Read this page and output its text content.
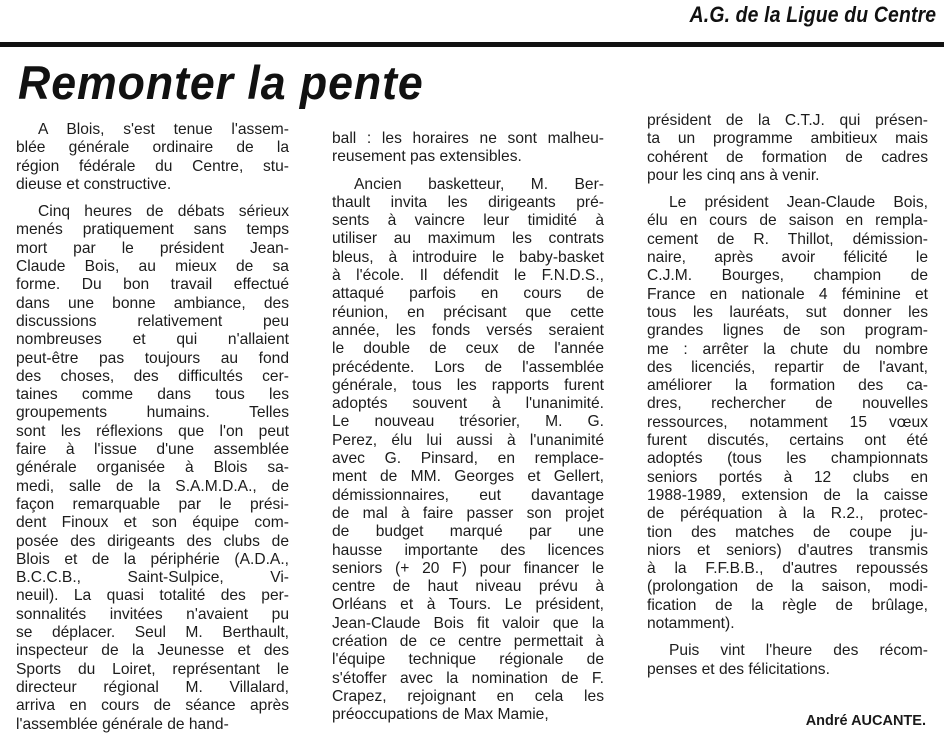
A.G. de la Ligue du Centre
Remonter la pente

A Blois, s'est tenue l'assem-
blée générale ordinaire de la
région fédérale du Centre, stu-
dieuse et constructive.

Cinq heures de débats sérieux
menés pratiquement sans temps
mort par le président Jean-
Claude Bois, au mieux de sa
forme. Du bon travail effectué
dans une bonne ambiance, des
discussions relativement peu
nombreuses et qui n'allaient
peut-être pas toujours au fond
des choses, des difficultés cer-
taines comme dans tous les
groupements humains. Telles
sont les réflexions que l'on peut
faire à l'issue d'une assemblée
générale organisée à Blois sa-
medi, salle de la S.A.M.D.A., de
façon remarquable par le prési-
dent Finoux et son équipe com-
posée des dirigeants des clubs de
Blois et de la périphérie (A.D.A.,
B.C.C.B., Saint-Sulpice, Vi-
neuil). La quasi totalité des per-
sonnalités invitées n'avaient pu
se déplacer. Seul M. Berthault,
inspecteur de la Jeunesse et des
Sports du Loiret, représentant le
directeur régional M. Villalard,
arriva en cours de séance après
l'assemblée générale de hand-

ball : les horaires ne sont malheu-
reusement pas extensibles.

Ancien basketteur, M. Ber-
thault invita les dirigeants pré-
sents à vaincre leur timidité à
utiliser au maximum les contrats
bleus, à introduire le baby-basket
à l'école. Il défendit le F.N.D.S.,
attaqué parfois en cours de
réunion, en précisant que cette
année, les fonds versés seraient
le double de ceux de l'année
précédente. Lors de l'assemblée
générale, tous les rapports furent
adoptés souvent à l'unanimité.
Le nouveau trésorier, M. G.
Perez, élu lui aussi à l'unanimité
avec G. Pinsard, en remplace-
ment de MM. Georges et Gellert,
démissionnaires, eut davantage
de mal à faire passer son projet
de budget marqué par une
hausse importante des licences
seniors (+ 20 F) pour financer le
centre de haut niveau prévu à
Orléans et à Tours. Le président,
Jean-Claude Bois fit valoir que la
création de ce centre permettait à
l'équipe technique régionale de
s'étoffer avec la nomination de F.
Crapez, rejoignant en cela les
préoccupations de Max Mamie,

président de la C.T.J. qui présen-
ta un programme ambitieux mais
cohérent de formation de cadres
pour les cinq ans à venir.

Le président Jean-Claude Bois,
élu en cours de saison en rempla-
cement de R. Thillot, démission-
naire, après avoir félicité le
C.J.M. Bourges, champion de
France en nationale 4 féminine et
tous les lauréats, sut donner les
grandes lignes de son program-
me : arrêter la chute du nombre
des licenciés, repartir de l'avant,
améliorer la formation des ca-
dres, rechercher de nouvelles
ressources, notamment 15 vœux
furent discutés, certains ont été
adoptés (tous les championnats
seniors portés à 12 clubs en
1988-1989, extension de la caisse
de péréquation à la R.2., protec-
tion des matches de coupe ju-
niors et seniors) d'autres transmis
à la F.F.B.B., d'autres repoussés
(prolongation de la saison, modi-
fication de la règle de brûlage,
notamment).

Puis vint l'heure des récom-
penses et des félicitations.

André AUCANTE.
